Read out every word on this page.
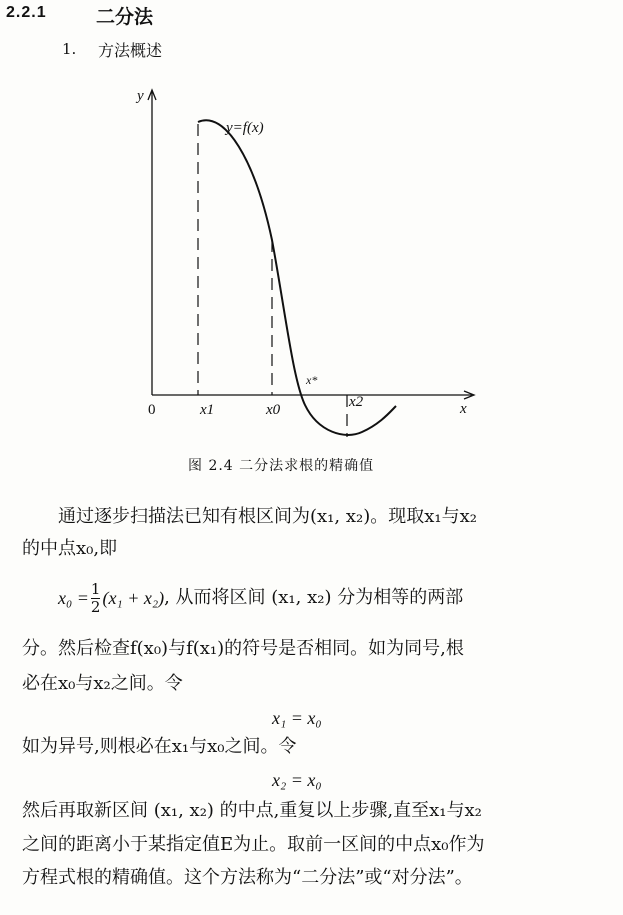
2.2.1	二分法
1. 方法概述
y
x
y=f(x)
0	x1	x0	x2
x*
图 2.4 二分法求根的精确值
通过逐步扫描法已知有根区间为(x₁, x₂)。现取x₁与x₂
的中点x₀,即
$x_0 = \frac{1}{2} (x_1 + x_2)$ , 从而将区间 (x₁, x₂) 分为相等的两部
分。然后检查f(x₀)与f(x₁)的符号是否相同。如为同号,根
必在x₀与x₂之间。令
x₁ = x₀
如为异号,则根必在x₁与x₀之间。令
x₂ = x₀
然后再取新区间 (x₁, x₂) 的中点,重复以上步骤,直至x₁与x₂
之间的距离小于某指定值E为止。取前一区间的中点x₀作为
方程式根的精确值。这个方法称为“二分法”或“对分法”。
